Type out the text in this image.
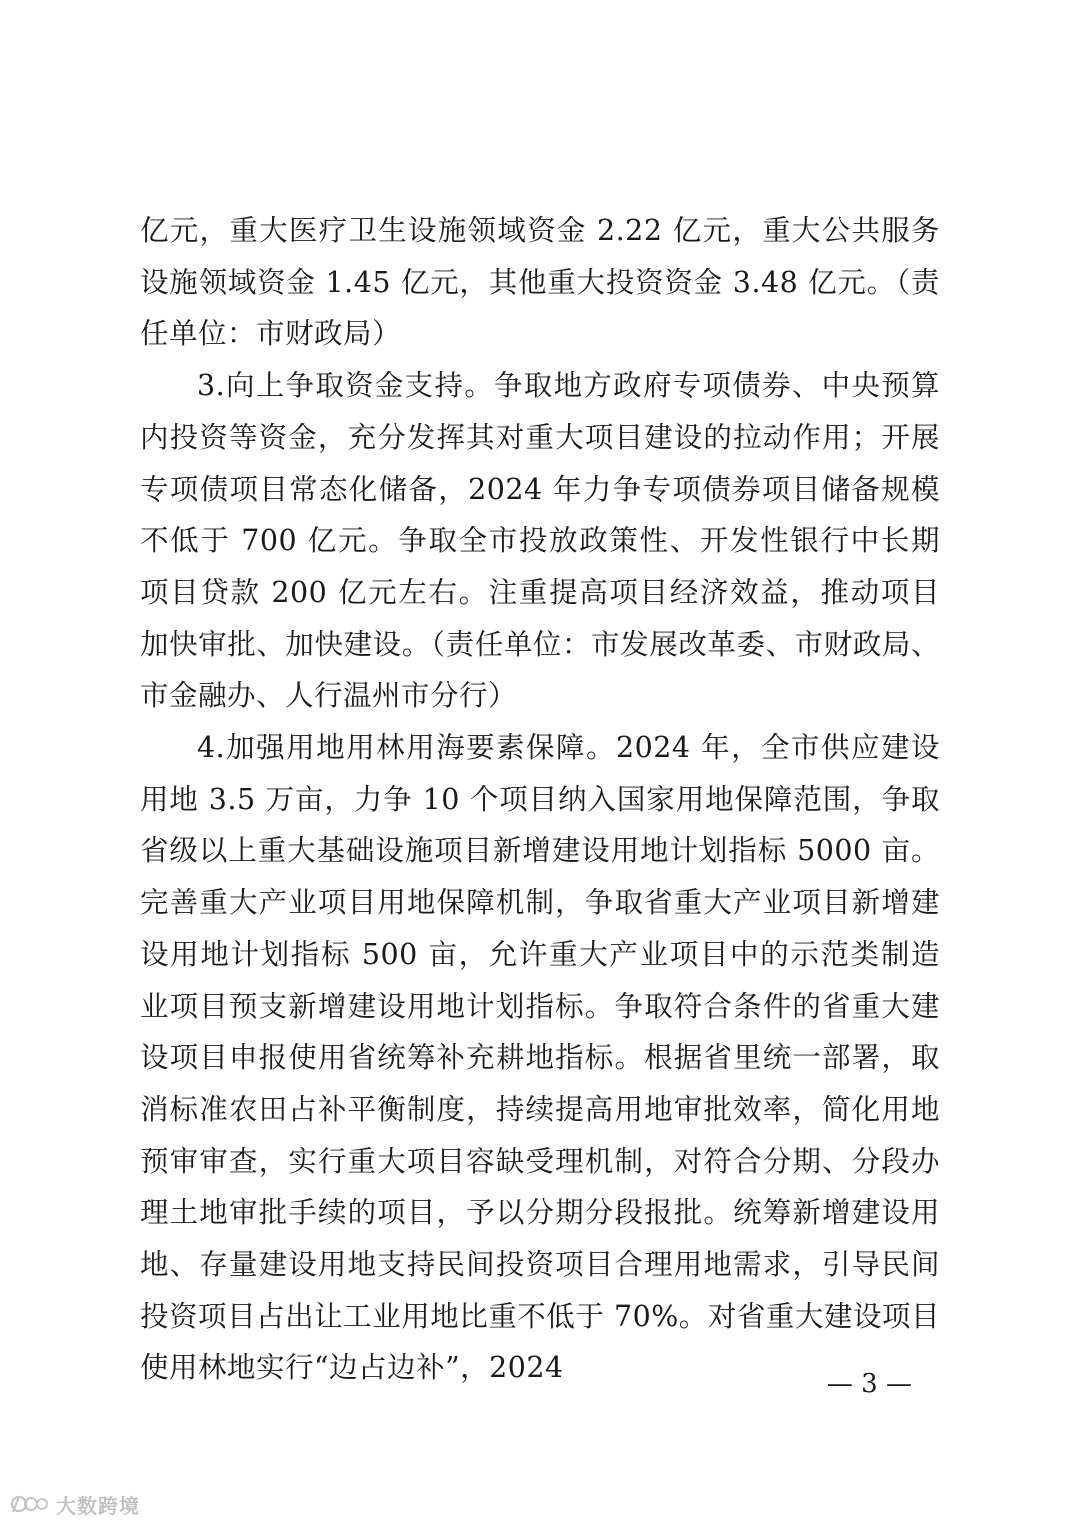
亿元，重大医疗卫生设施领域资金 2.22 亿元，重大公共服务设施领域资金 1.45 亿元，其他重大投资资金 3.48 亿元。（责任单位：市财政局）

3.向上争取资金支持。争取地方政府专项债券、中央预算内投资等资金，充分发挥其对重大项目建设的拉动作用；开展专项债项目常态化储备，2024 年力争专项债券项目储备规模不低于 700 亿元。争取全市投放政策性、开发性银行中长期项目贷款 200 亿元左右。注重提高项目经济效益，推动项目加快审批、加快建设。（责任单位：市发展改革委、市财政局、市金融办、人行温州市分行）

4.加强用地用林用海要素保障。2024 年，全市供应建设用地 3.5 万亩，力争 10 个项目纳入国家用地保障范围，争取省级以上重大基础设施项目新增建设用地计划指标 5000 亩。完善重大产业项目用地保障机制，争取省重大产业项目新增建设用地计划指标 500 亩，允许重大产业项目中的示范类制造业项目预支新增建设用地计划指标。争取符合条件的省重大建设项目申报使用省统筹补充耕地指标。根据省里统一部署，取消标准农田占补平衡制度，持续提高用地审批效率，简化用地预审审查，实行重大项目容缺受理机制，对符合分期、分段办理土地审批手续的项目，予以分期分段报批。统筹新增建设用地、存量建设用地支持民间投资项目合理用地需求，引导民间投资项目占出让工业用地比重不低于 70%。对省重大建设项目使用林地实行“边占边补”，2024	— 3 —
大数跨境
